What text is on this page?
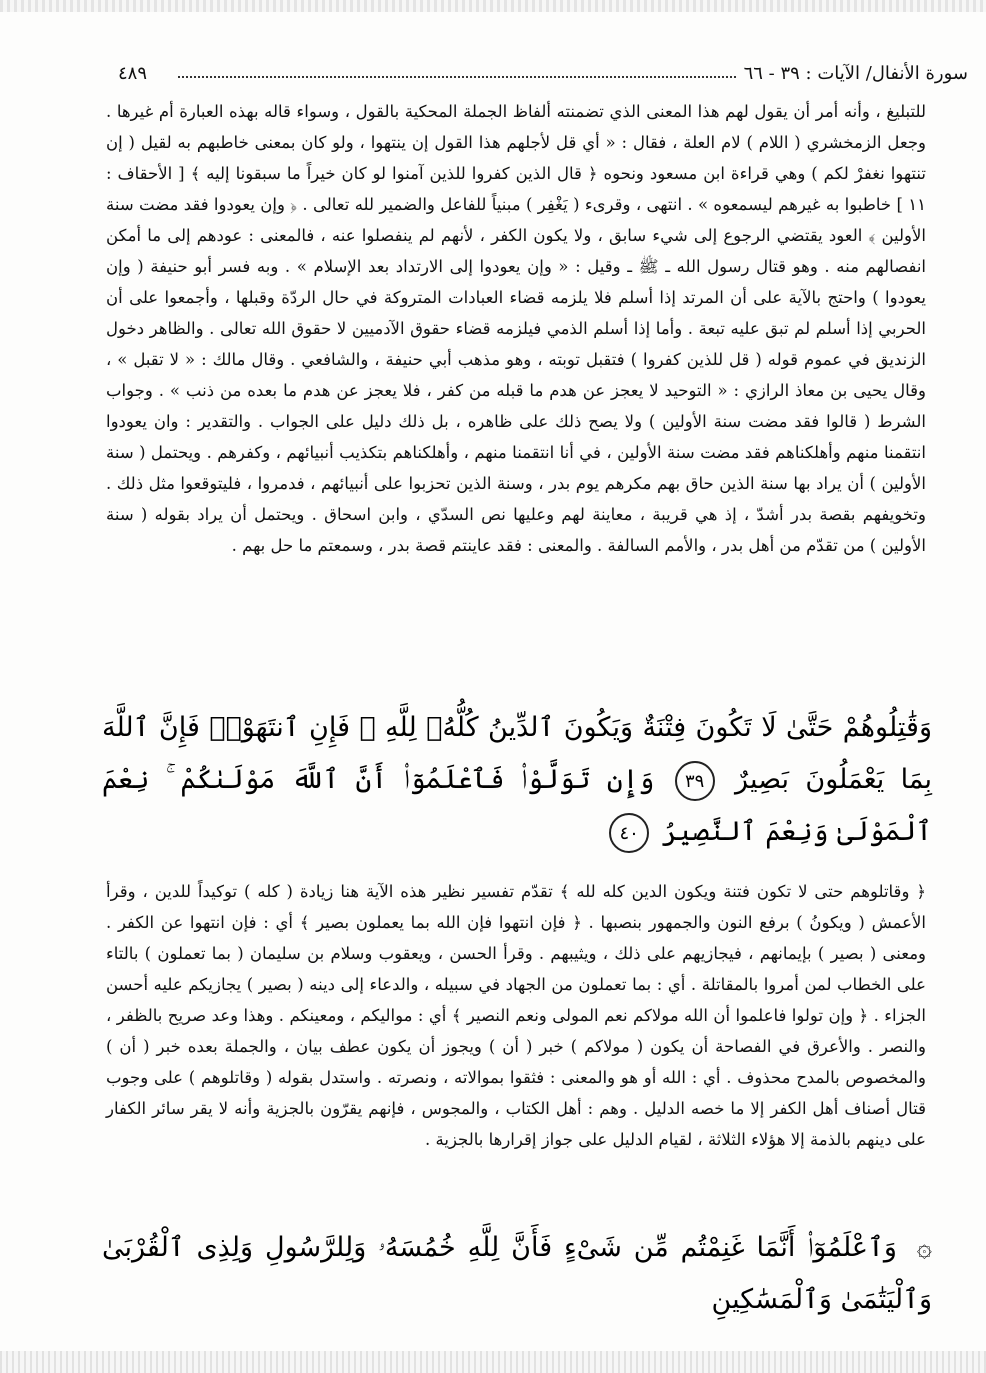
سورة الأنفال/ الآيات : ٣٩ - ٦٦
٤٨٩

للتبليغ ، وأنه أمر أن يقول لهم هذا المعنى الذي تضمنته ألفاظ الجملة المحكية بالقول ، وسواء قاله بهذه العبارة أم غيرها . وجعل الزمخشري ( اللام ) لام العلة ، فقال : « أي قل لأجلهم هذا القول إن ينتهوا ، ولو كان بمعنى خاطبهم به لقيل ( إن تنتهوا نغفرْ لكم ) وهي قراءة ابن مسعود ونحوه ﴿ قال الذين كفروا للذين آمنوا لو كان خيراً ما سبقونا إليه ﴾ [ الأحقاف : ١١ ] خاطبوا به غيرهم ليسمعوه » . انتهى ، وقرىء ( يَغْفِر ) مبنياً للفاعل والضمير لله تعالى . ﴿ وإن يعودوا فقد مضت سنة الأولين ﴾ العود يقتضي الرجوع إلى شيء سابق ، ولا يكون الكفر ، لأنهم لم ينفصلوا عنه ، فالمعنى : عودهم إلى ما أمكن انفصالهم منه . وهو قتال رسول الله ـ ﷺ ـ وقيل : « وإن يعودوا إلى الارتداد بعد الإسلام » . وبه فسر أبو حنيفة ( وإن يعودوا ) واحتج بالآية على أن المرتد إذا أسلم فلا يلزمه قضاء العبادات المتروكة في حال الردّة وقبلها ، وأجمعوا على أن الحربي إذا أسلم لم تبق عليه تبعة . وأما إذا أسلم الذمي فيلزمه قضاء حقوق الآدميين لا حقوق الله تعالى . والظاهر دخول الزنديق في عموم قوله ( قل للذين كفروا ) فتقبل توبته ، وهو مذهب أبي حنيفة ، والشافعي . وقال مالك : « لا تقبل » ، وقال يحيى بن معاذ الرازي : « التوحيد لا يعجز عن هدم ما قبله من كفر ، فلا يعجز عن هدم ما بعده من ذنب » . وجواب الشرط ( قالوا فقد مضت سنة الأولين ) ولا يصح ذلك على ظاهره ، بل ذلك دليل على الجواب . والتقدير : وان يعودوا انتقمنا منهم وأهلكناهم فقد مضت سنة الأولين ، في أنا انتقمنا منهم ، وأهلكناهم بتكذيب أنبيائهم ، وكفرهم . ويحتمل ( سنة الأولين ) أن يراد بها سنة الذين حاق بهم مكرهم يوم بدر ، وسنة الذين تحزبوا على أنبيائهم ، فدمروا ، فليتوقعوا مثل ذلك . وتخويفهم بقصة بدر أشدّ ، إذ هي قريبة ، معاينة لهم وعليها نص السدّي ، وابن اسحاق . ويحتمل أن يراد بقوله ( سنة الأولين ) من تقدّم من أهل بدر ، والأمم السالفة . والمعنى : فقد عاينتم قصة بدر ، وسمعتم ما حل بهم .

وَقَٰتِلُوهُمْ حَتَّىٰ لَا تَكُونَ فِتْنَةٌ وَيَكُونَ ٱلدِّينُ كُلُّهُۥ لِلَّهِ ۚ فَإِنِ ٱنتَهَوْا۟ فَإِنَّ ٱللَّهَ بِمَا يَعْمَلُونَ بَصِيرٌ ٣٩ وَإِن تَوَلَّوْا۟ فَٱعْلَمُوٓا۟ أَنَّ ٱللَّهَ مَوْلَىٰكُمْ ۚ نِعْمَ ٱلْمَوْلَىٰ وَنِعْمَ ٱلنَّصِيرُ ٤٠

﴿ وقاتلوهم حتى لا تكون فتنة ويكون الدين كله لله ﴾ تقدّم تفسير نظير هذه الآية هنا زيادة ( كله ) توكيداً للدين ، وقرأ الأعمش ( ويكونُ ) برفع النون والجمهور بنصبها . ﴿ فإن انتهوا فإن الله بما يعملون بصير ﴾ أي : فإن انتهوا عن الكفر . ومعنى ( بصير ) بإيمانهم ، فيجازيهم على ذلك ، ويثيبهم . وقرأ الحسن ، ويعقوب وسلام بن سليمان ( بما تعملون ) بالتاء على الخطاب لمن أمروا بالمقاتلة . أي : بما تعملون من الجهاد في سبيله ، والدعاء إلى دينه ( بصير ) يجازيكم عليه أحسن الجزاء . ﴿ وإن تولوا فاعلموا أن الله مولاكم نعم المولى ونعم النصير ﴾ أي : مواليكم ، ومعينكم . وهذا وعد صريح بالظفر ، والنصر . والأعرق في الفصاحة أن يكون ( مولاكم ) خبر ( أن ) ويجوز أن يكون عطف بيان ، والجملة بعده خبر ( أن ) والمخصوص بالمدح محذوف . أي : الله أو هو والمعنى : فثقوا بموالاته ، ونصرته . واستدل بقوله ( وقاتلوهم ) على وجوب قتال أصناف أهل الكفر إلا ما خصه الدليل . وهم : أهل الكتاب ، والمجوس ، فإنهم يقرّون بالجزية وأنه لا يقر سائر الكفار على دينهم بالذمة إلا هؤلاء الثلاثة ، لقيام الدليل على جواز إقرارها بالجزية .

۞ وَٱعْلَمُوٓا۟ أَنَّمَا غَنِمْتُم مِّن شَىْءٍ فَأَنَّ لِلَّهِ خُمُسَهُۥ وَلِلرَّسُولِ وَلِذِى ٱلْقُرْبَىٰ وَٱلْيَتَٰمَىٰ وَٱلْمَسَٰكِينِ
